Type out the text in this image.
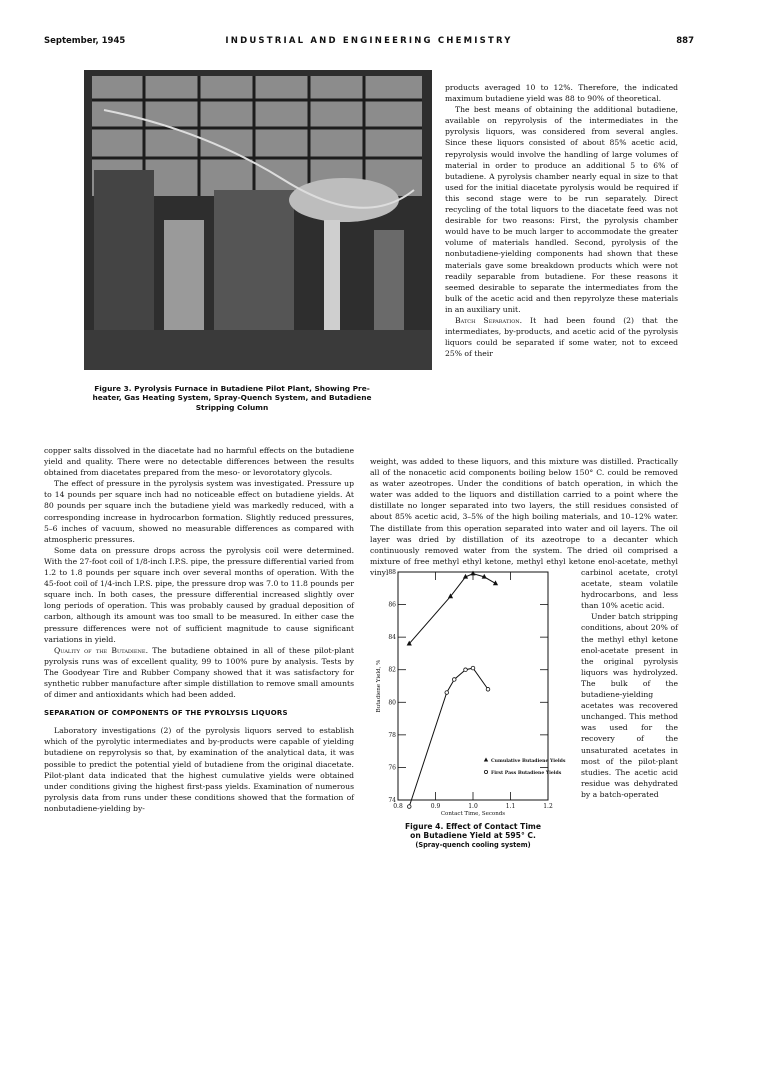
September, 1945	INDUSTRIAL AND ENGINEERING CHEMISTRY	887
Figure 3. Pyrolysis Furnace in Butadiene Pilot Plant, Showing Pre-
heater, Gas Heating System, Spray-Quench System, and Butadiene
Stripping Column

products averaged 10 to 12%. Therefore, the indicated maximum butadiene yield was 88 to 90% of theoretical.

The best means of obtaining the additional butadiene, available on repyrolysis of the intermediates in the pyrolysis liquors, was considered from several angles. Since these liquors consisted of about 85% acetic acid, repyrolysis would involve the handling of large volumes of material in order to produce an additional 5 to 6% of butadiene. A pyrolysis chamber nearly equal in size to that used for the initial diacetate pyrolysis would be required if this second stage were to be run separately. Direct recycling of the total liquors to the diacetate feed was not desirable for two reasons: First, the pyrolysis chamber would have to be much larger to accommodate the greater volume of materials handled. Second, pyrolysis of the nonbutadiene-yielding components had shown that these materials gave some breakdown products which were not readily separable from butadiene. For these reasons it seemed desirable to separate the intermediates from the bulk of the acetic acid and then repyrolyze these materials in an auxiliary unit.

Batch Separation. It had been found (2) that the intermediates, by-products, and acetic acid of the pyrolysis liquors could be separated if some water, not to exceed 25% of their

copper salts dissolved in the diacetate had no harmful effects on the butadiene yield and quality. There were no detectable differences between the results obtained from diacetates prepared from the meso- or levorotatory glycols.

The effect of pressure in the pyrolysis system was investigated. Pressure up to 14 pounds per square inch had no noticeable effect on butadiene yields. At 80 pounds per square inch the butadiene yield was markedly reduced, with a corresponding increase in hydrocarbon formation. Slightly reduced pressures, 5–6 inches of vacuum, showed no measurable differences as compared with atmospheric pressures.

Some data on pressure drops across the pyrolysis coil were determined. With the 27-foot coil of 1/8-inch I.P.S. pipe, the pressure differential varied from 1.2 to 1.8 pounds per square inch over several months of operation. With the 45-foot coil of 1/4-inch I.P.S. pipe, the pressure drop was 7.0 to 11.8 pounds per square inch. In both cases, the pressure differential increased slightly over long periods of operation. This was probably caused by gradual deposition of carbon, although its amount was too small to be measured. In either case the pressure differences were not of sufficient magnitude to cause significant variations in yield.

Quality of the Butadiene. The butadiene obtained in all of these pilot-plant pyrolysis runs was of excellent quality, 99 to 100% pure by analysis. Tests by The Goodyear Tire and Rubber Company showed that it was satisfactory for synthetic rubber manufacture after simple distillation to remove small amounts of dimer and antioxidants which had been added.

SEPARATION OF COMPONENTS OF THE PYROLYSIS LIQUORS

Laboratory investigations (2) of the pyrolysis liquors served to establish which of the pyrolytic intermediates and by-products were capable of yielding butadiene on repyrolysis so that, by examination of the analytical data, it was possible to predict the potential yield of butadiene from the original diacetate. Pilot-plant data indicated that the highest cumulative yields were obtained under conditions giving the highest first-pass yields. Examination of numerous pyrolysis data from runs under these conditions showed that the formation of nonbutadiene-yielding by-

weight, was added to these liquors, and this mixture was distilled. Practically all of the nonacetic acid components boiling below 150° C. could be removed as water azeotropes. Under the conditions of batch operation, in which the water was added to the liquors and distillation carried to a point where the distillate no longer separated into two layers, the still residues consisted of about 85% acetic acid, 3–5% of the high boiling materials, and 10–12% water. The distillate from this operation separated into water and oil layers. The oil layer was dried by distillation of its azeotrope to a decanter which continuously removed water from the system. The dried oil comprised a mixture of free methyl ethyl ketone, methyl ethyl ketone enol-acetate, methyl vinyl	carbinol acetate, crotyl acetate, steam volatile hydrocarbons, and less than 10% acetic acid.

Under batch stripping conditions, about 20% of the methyl ethyl ketone enol-acetate present in the original pyrolysis liquors was hydrolyzed. The bulk of the butadiene-yielding acetates was recovered unchanged. This method was used for the recovery of the unsaturated acetates in most of the pilot-plant studies. The acetic acid residue was dehydrated by a batch-operated

74
76
78
80
82
84
86
88
0.8	0.9	1.0	1.1	1.2
Contact Time, Seconds
Butadiene Yield, %
Cumulative Butadiene Yields
First Pass Butadiene Yields
Figure 4. Effect of Contact Time
on Butadiene Yield at 595° C.
(Spray-quench cooling system)
